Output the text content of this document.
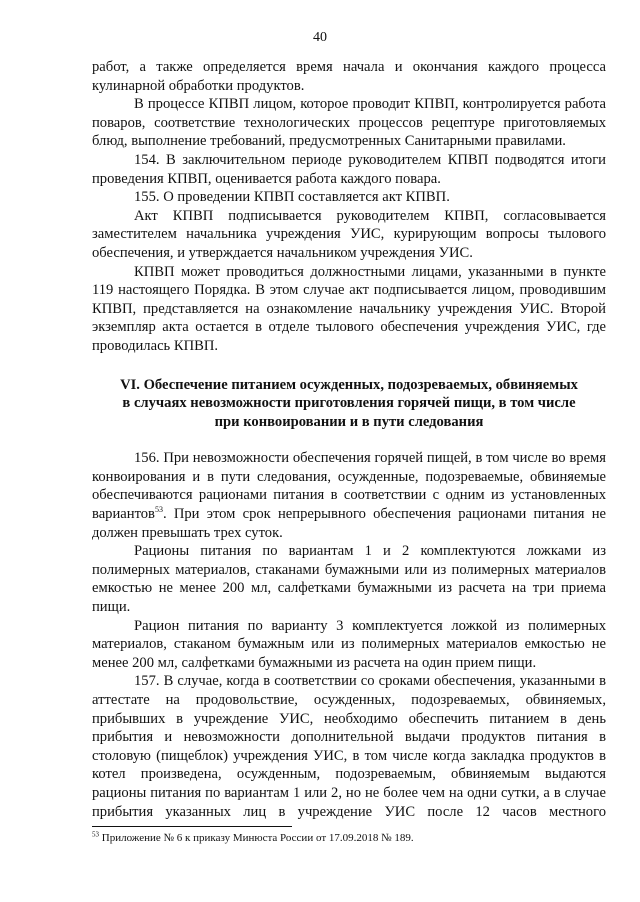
40

работ, а также определяется время начала и окончания каждого процесса кулинарной обработки продуктов.

В процессе КПВП лицом, которое проводит КПВП, контролируется работа поваров, соответствие технологических процессов рецептуре приготовляемых блюд, выполнение требований, предусмотренных Санитарными правилами.

154. В заключительном периоде руководителем КПВП подводятся итоги проведения КПВП, оценивается работа каждого повара.

155. О проведении КПВП составляется акт КПВП.

Акт КПВП подписывается руководителем КПВП, согласовывается заместителем начальника учреждения УИС, курирующим вопросы тылового обеспечения, и утверждается начальником учреждения УИС.

КПВП может проводиться должностными лицами, указанными в пункте 119 настоящего Порядка. В этом случае акт подписывается лицом, проводившим КПВП, представляется на ознакомление начальнику учреждения УИС. Второй экземпляр акта остается в отделе тылового обеспечения учреждения УИС, где проводилась КПВП.

VI. Обеспечение питанием осужденных, подозреваемых, обвиняемых
в случаях невозможности приготовления горячей пищи, в том числе
при конвоировании и в пути следования

156. При невозможности обеспечения горячей пищей, в том числе во время конвоирования и в пути следования, осужденные, подозреваемые, обвиняемые обеспечиваются рационами питания в соответствии с одним из установленных вариантов$^{53}$. При этом срок непрерывного обеспечения рационами питания не должен превышать трех суток.

Рационы питания по вариантам 1 и 2 комплектуются ложками из полимерных материалов, стаканами бумажными или из полимерных материалов емкостью не менее 200 мл, салфетками бумажными из расчета на три приема пищи.

Рацион питания по варианту 3 комплектуется ложкой из полимерных материалов, стаканом бумажным или из полимерных материалов емкостью не менее 200 мл, салфетками бумажными из расчета на один прием пищи.

157. В случае, когда в соответствии со сроками обеспечения, указанными в аттестате на продовольствие, осужденных, подозреваемых, обвиняемых, прибывших в учреждение УИС, необходимо обеспечить питанием в день прибытия и невозможности дополнительной выдачи продуктов питания в столовую (пищеблок) учреждения УИС, в том числе когда закладка продуктов в котел произведена, осужденным, подозреваемым, обвиняемым выдаются рационы питания по вариантам 1 или 2, но не более чем на одни сутки, а в случае прибытия указанных лиц в учреждение УИС после 12 часов местного

$^{53}$ Приложение № 6 к приказу Минюста России от 17.09.2018 № 189.
